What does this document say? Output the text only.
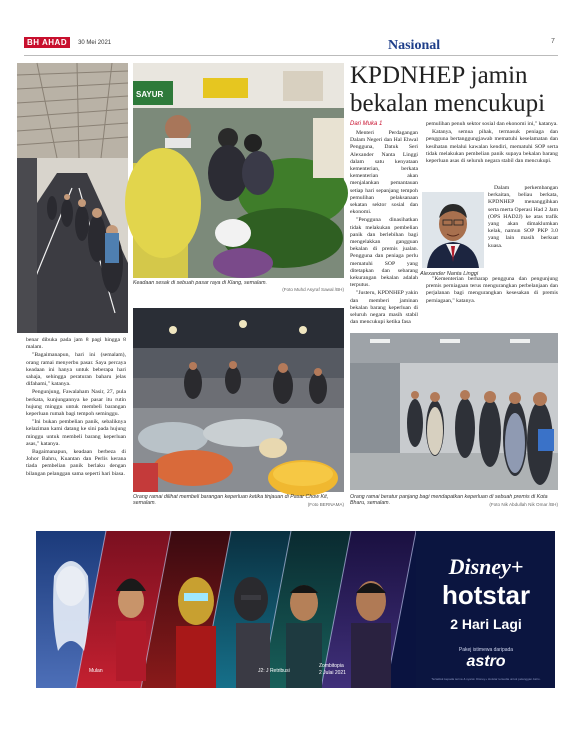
BH AHAD	30 Mei 2021	Nasional	7
SAYUR
Keadaan sesak di sebuah pasar raya di Klang, semalam.
(Foto Muhd Asyraf Sawal /BH)
KPDNHEP jamin bekalan mencukupi
Dari Muka 1

Menteri Perdagangan Dalam Negeri dan Hal Ehwal Pengguna, Datuk Seri Alexander Nanta Linggi dalam satu kenyataan kementerian, berkata kementerian akan menjalankan pemantauan setiap hari sepanjang tempoh pemulihan pelaksanaan sekatan sektor sosial dan ekonomi.

"Pengguna dinasihatkan tidak melakukan pembelian panik dan berlebihan bagi mengelakkan gangguan bekalan di premis jualan. Pengguna dan peniaga perlu mematuhi SOP yang ditetapkan dan sebarang kekurangan bekalan adalah terputus.

"Justeru, KPDNHEP yakin dan memberi jaminan bekalan barang keperluan di seluruh negara masih stabil dan mencukupi ketika fasa

pemulihan penuh sektor sosial dan ekonomi ini," katanya.

Katanya, semua pihak, termasuk peniaga dan pengguna bertanggungjawab mematuhi keselamatan dan kesihatan melalui kawalan kendiri, mematuhi SOP serta tidak melakukan pembelian panik supaya bekalan barang keperluan asas di seluruh negara stabil dan mencukupi.

Alexander Nanta Linggi

Dalam perkembangan berkaitan, beliau berkata, KPDNHEP menanggihkan serta merta Operasi Had 2 Jam (OPS HAD2J) ke atas trafik yang akan dimaklumkan kelak, namun SOP PKP 3.0 yang lain masih berkuat kuasa.

"Kementerian berharap pengguna dan pengunjung premis perniagaan terus mengurangkan perbelanjaan dan perjalanan bagi mengurangkan kesesakan di premis perniagaan," katanya.

benar dibuka pada jam 8 pagi hingga 8 malam.

"Bagaimanapun, hari ini (semalam), orang ramai menyerbu pasar. Saya percaya keadaan ini hanya untuk beberapa hari sahaja, sehingga peraturan baharu jelas difahami," katanya.

Pengunjung, Fawalaham Nasir, 27, pula berkata, kunjungannya ke pasar itu rutin hujung minggu untuk membeli barangan keperluan rumah bagi tempoh seminggu.

"Ini bukan pembelian panik, sebaliknya kelaziman kami datang ke sini pada hujung minggu untuk membeli barang keperluan asas," katanya.

Bagaimanapun, keadaan berbeza di Johor Bahru, Kuantan dan Perlis kerana tiada pembelian panik berlaku dengan bilangan pelanggan sama seperti hari biasa.

Orang ramai dilihat membeli barangan keperluan ketika tinjauan di Pasar Chow Kit, semalam.	(Foto BERNAMA)
Orang ramai beratur panjang bagi mendapatkan keperluan di sebuah premis di Kota Bharu, semalam.	(Foto Nik Abdullah Nik Omar /BH)
Disney+
hotstar
2 Hari Lagi
Pakej istimewa daripada
astro
Tertakluk kepada terma & syarat. Disney+ Hotstar tersedia untuk pelanggan Astro.
Mulan	J2: J Retribusi
Zombitopia
2 Julai 2021
